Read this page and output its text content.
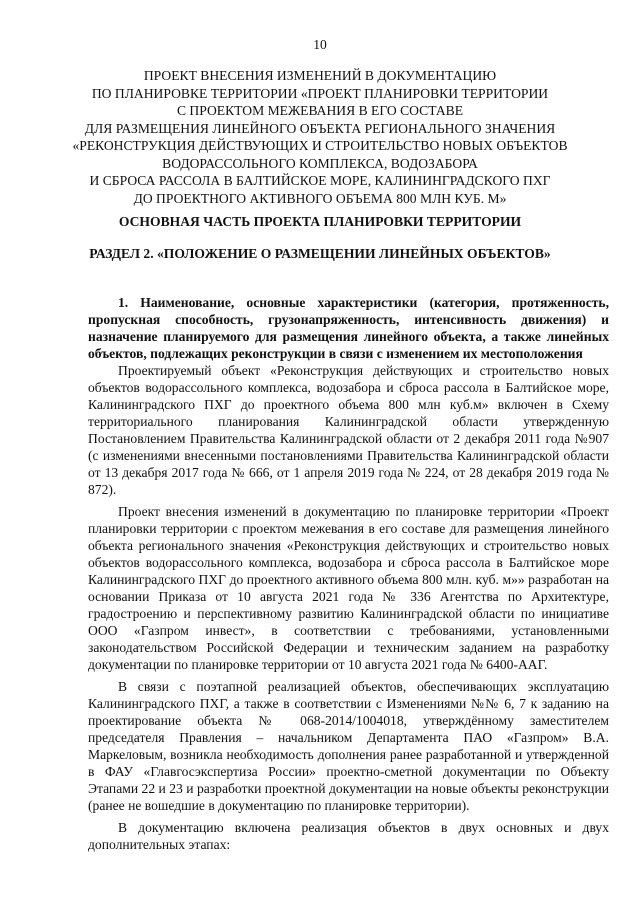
10
ПРОЕКТ ВНЕСЕНИЯ ИЗМЕНЕНИЙ В ДОКУМЕНТАЦИЮ
ПО ПЛАНИРОВКЕ ТЕРРИТОРИИ «ПРОЕКТ ПЛАНИРОВКИ ТЕРРИТОРИИ
С ПРОЕКТОМ МЕЖЕВАНИЯ В ЕГО СОСТАВЕ
ДЛЯ РАЗМЕЩЕНИЯ ЛИНЕЙНОГО ОБЪЕКТА РЕГИОНАЛЬНОГО ЗНАЧЕНИЯ
«РЕКОНСТРУКЦИЯ ДЕЙСТВУЮЩИХ И СТРОИТЕЛЬСТВО НОВЫХ ОБЪЕКТОВ
ВОДОРАССОЛЬНОГО КОМПЛЕКСА, ВОДОЗАБОРА
И СБРОСА РАССОЛА В БАЛТИЙСКОЕ МОРЕ, КАЛИНИНГРАДСКОГО ПХГ
ДО ПРОЕКТНОГО АКТИВНОГО ОБЪЕМА 800 МЛН КУБ. М»
ОСНОВНАЯ ЧАСТЬ ПРОЕКТА ПЛАНИРОВКИ ТЕРРИТОРИИ
РАЗДЕЛ 2. «ПОЛОЖЕНИЕ О РАЗМЕЩЕНИИ ЛИНЕЙНЫХ ОБЪЕКТОВ»

1. Наименование, основные характеристики (категория, протяженность, пропускная способность, грузонапряженность, интенсивность движения) и назначение планируемого для размещения линейного объекта, а также линейных объектов, подлежащих реконструкции в связи с изменением их местоположения

Проектируемый объект «Реконструкция действующих и строительство новых объектов водорассольного комплекса, водозабора и сброса рассола в Балтийское море, Калининградского ПХГ до проектного объема 800 млн куб.м» включен в Схему территориального планирования Калининградской области утвержденную Постановлением Правительства Калининградской области от 2 декабря 2011 года №907 (с изменениями внесенными постановлениями Правительства Калининградской области от 13 декабря 2017 года № 666, от 1 апреля 2019 года № 224, от 28 декабря 2019 года № 872).

Проект внесения изменений в документацию по планировке территории «Проект планировки территории с проектом межевания в его составе для размещения линейного объекта регионального значения «Реконструкция действующих и строительство новых объектов водорассольного комплекса, водозабора и сброса рассола в Балтийское море Калининградского ПХГ до проектного активного объема 800 млн. куб. м»» разработан на основании Приказа от 10 августа 2021 года № 336 Агентства по Архитектуре, градостроению и перспективному развитию Калининградской области по инициативе ООО «Газпром инвест», в соответствии с требованиями, установленными законодательством Российской Федерации и техническим заданием на разработку документации по планировке территории от 10 августа 2021 года № 6400-ААГ.

В связи с поэтапной реализацией объектов, обеспечивающих эксплуатацию Калининградского ПХГ, а также в соответствии с Изменениями №№ 6, 7 к заданию на проектирование объекта № 068-2014/1004018, утверждённому заместителем председателя Правления – начальником Департамента ПАО «Газпром» В.А. Маркеловым, возникла необходимость дополнения ранее разработанной и утвержденной в ФАУ «Главгосэкспертиза России» проектно-сметной документации по Объекту Этапами 22 и 23 и разработки проектной документации на новые объекты реконструкции (ранее не вошедшие в документацию по планировке территории).

В документацию включена реализация объектов в двух основных и двух дополнительных этапах:
